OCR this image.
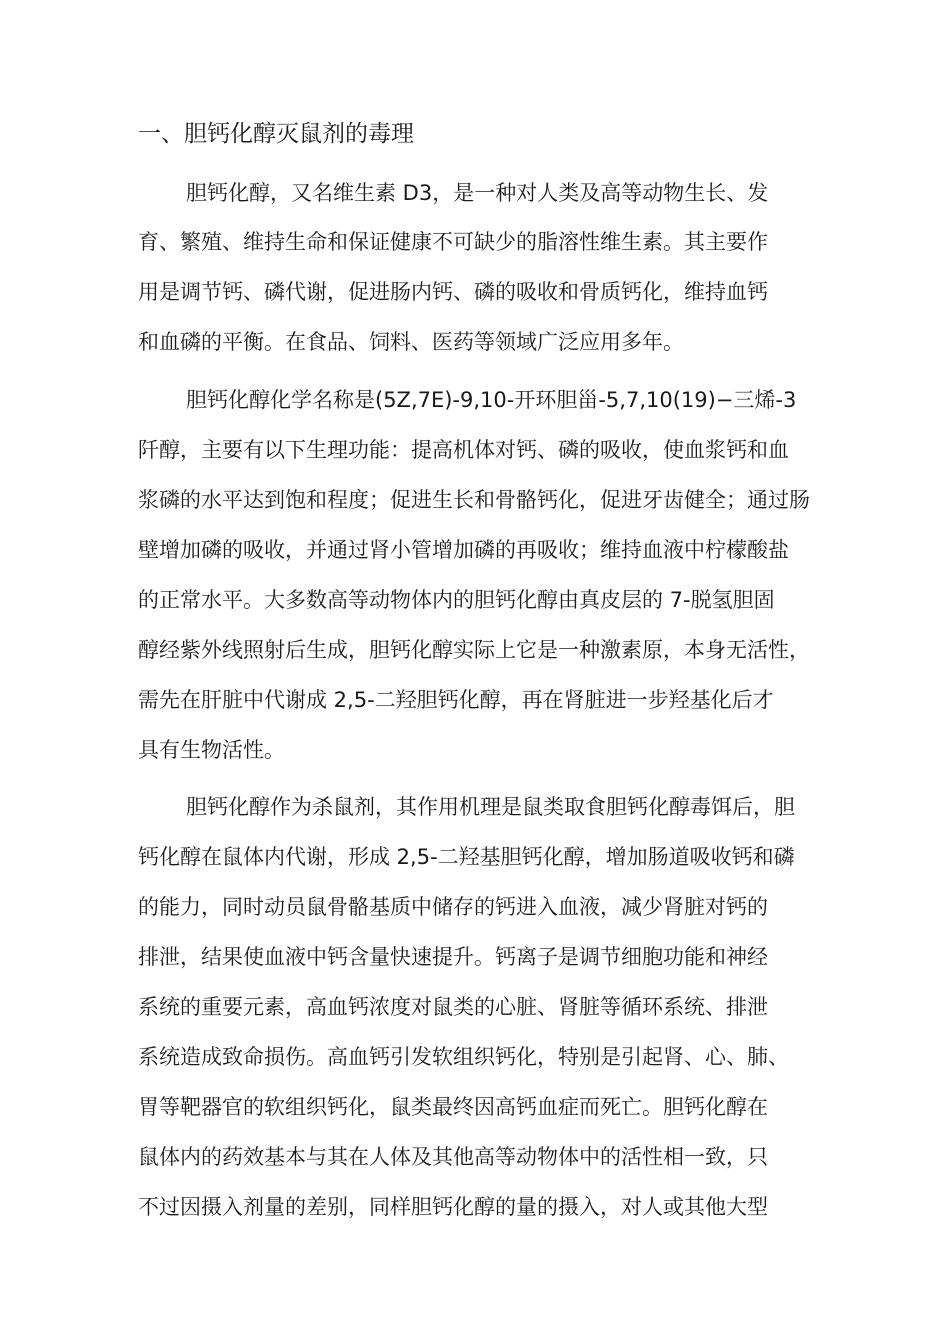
一、胆钙化醇灭鼠剂的毒理
胆钙化醇，又名维生素 D3，是一种对人类及高等动物生长、发
育、繁殖、维持生命和保证健康不可缺少的脂溶性维生素。其主要作
用是调节钙、磷代谢，促进肠内钙、磷的吸收和骨质钙化，维持血钙
和血磷的平衡。在食品、饲料、医药等领域广泛应用多年。
胆钙化醇化学名称是(5Z,7E)-9,10-开环胆甾-5,7,10(19)−三烯-3
阡醇，主要有以下生理功能：提高机体对钙、磷的吸收，使血浆钙和血
浆磷的水平达到饱和程度；促进生长和骨骼钙化，促进牙齿健全；通过肠
壁增加磷的吸收，并通过肾小管增加磷的再吸收；维持血液中柠檬酸盐
的正常水平。大多数高等动物体内的胆钙化醇由真皮层的 7-脱氢胆固
醇经紫外线照射后生成，胆钙化醇实际上它是一种激素原，本身无活性，
需先在肝脏中代谢成 2,5-二羟胆钙化醇，再在肾脏进一步羟基化后才
具有生物活性。
胆钙化醇作为杀鼠剂，其作用机理是鼠类取食胆钙化醇毒饵后，胆
钙化醇在鼠体内代谢，形成 2,5-二羟基胆钙化醇，增加肠道吸收钙和磷
的能力，同时动员鼠骨骼基质中储存的钙进入血液，减少肾脏对钙的
排泄，结果使血液中钙含量快速提升。钙离子是调节细胞功能和神经
系统的重要元素，高血钙浓度对鼠类的心脏、肾脏等循环系统、排泄
系统造成致命损伤。高血钙引发软组织钙化，特别是引起肾、心、肺、
胃等靶器官的软组织钙化，鼠类最终因高钙血症而死亡。胆钙化醇在
鼠体内的药效基本与其在人体及其他高等动物体中的活性相一致，只
不过因摄入剂量的差别，同样胆钙化醇的量的摄入，对人或其他大型
